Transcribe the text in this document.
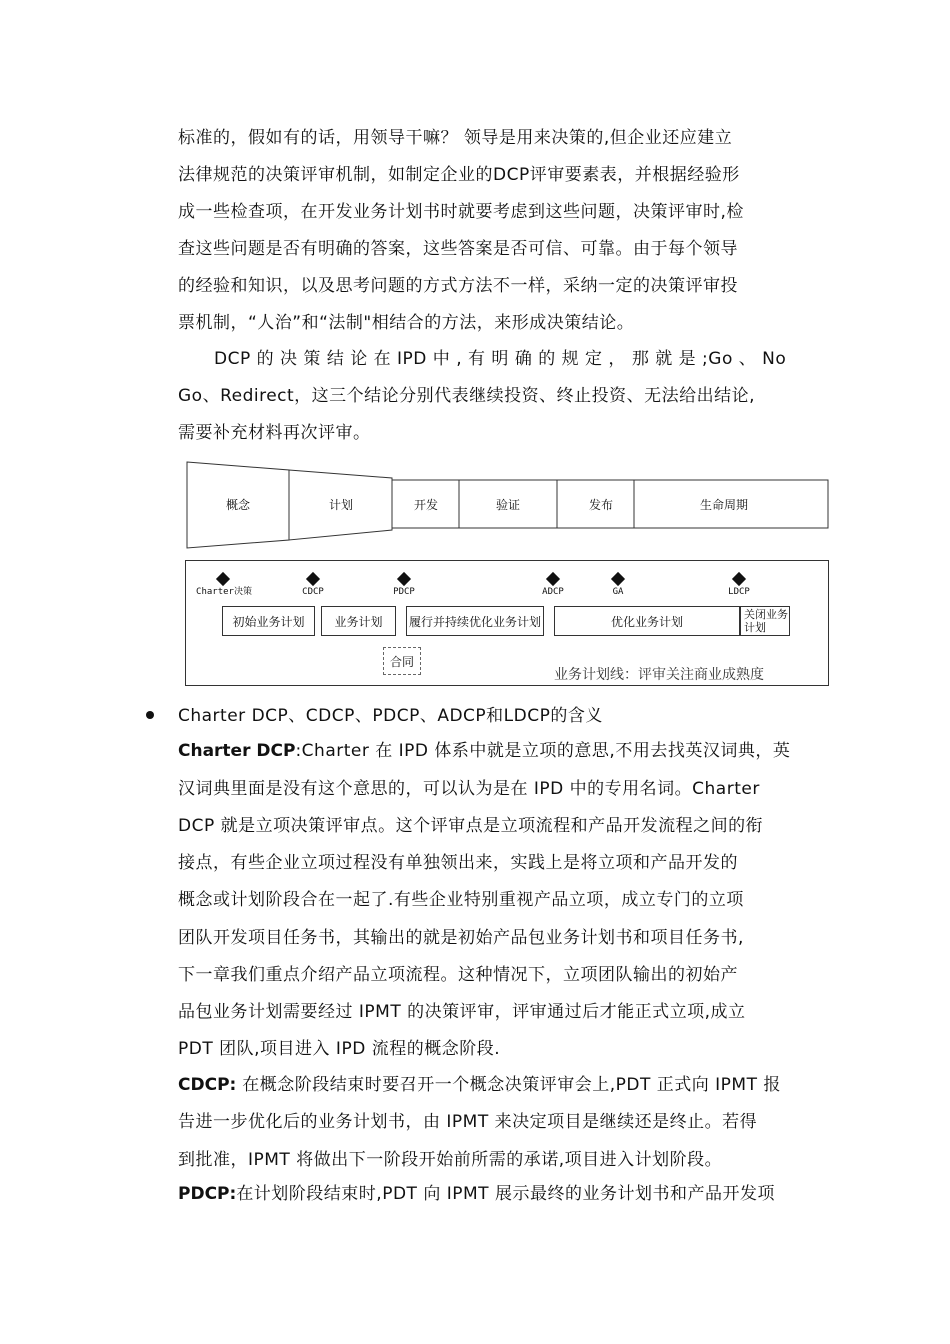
标准的，假如有的话，用领导干嘛？ 领导是用来决策的,但企业还应建立
法律规范的决策评审机制，如制定企业的DCP评审要素表，并根据经验形
成一些检查项，在开发业务计划书时就要考虑到这些问题，决策评审时,检
查这些问题是否有明确的答案，这些答案是否可信、可靠。由于每个领导
的经验和知识，以及思考问题的方式方法不一样，采纳一定的决策评审投
票机制，“人治”和“法制"相结合的方法，来形成决策结论。
DCP 的 决 策 结 论 在 IPD 中 , 有 明 确 的 规 定 ， 那 就 是 ;Go 、 No
Go、Redirect，这三个结论分别代表继续投资、终止投资、无法给出结论,
需要补充材料再次评审。
概念	计划	开发	验证	发布	生命周期
Charter决策	CDCP	PDCP	ADCP	GA	LDCP
初始业务计划	业务计划	履行并持续优化业务计划	优化业务计划	关闭业务计划
合同
业务计划线：评审关注商业成熟度
Charter DCP、CDCP、PDCP、ADCP和LDCP的含义
Charter DCP:Charter 在 IPD 体系中就是立项的意思,不用去找英汉词典，英
汉词典里面是没有这个意思的，可以认为是在 IPD 中的专用名词。Charter
DCP 就是立项决策评审点。这个评审点是立项流程和产品开发流程之间的衔
接点，有些企业立项过程没有单独领出来，实践上是将立项和产品开发的
概念或计划阶段合在一起了.有些企业特别重视产品立项，成立专门的立项
团队开发项目任务书，其输出的就是初始产品包业务计划书和项目任务书,
下一章我们重点介绍产品立项流程。这种情况下，立项团队输出的初始产
品包业务计划需要经过 IPMT 的决策评审，评审通过后才能正式立项,成立
PDT 团队,项目进入 IPD 流程的概念阶段.
CDCP: 在概念阶段结束时要召开一个概念决策评审会上,PDT 正式向 IPMT 报
告进一步优化后的业务计划书，由 IPMT 来决定项目是继续还是终止。若得
到批准，IPMT 将做出下一阶段开始前所需的承诺,项目进入计划阶段。
PDCP:在计划阶段结束时,PDT 向 IPMT 展示最终的业务计划书和产品开发项
